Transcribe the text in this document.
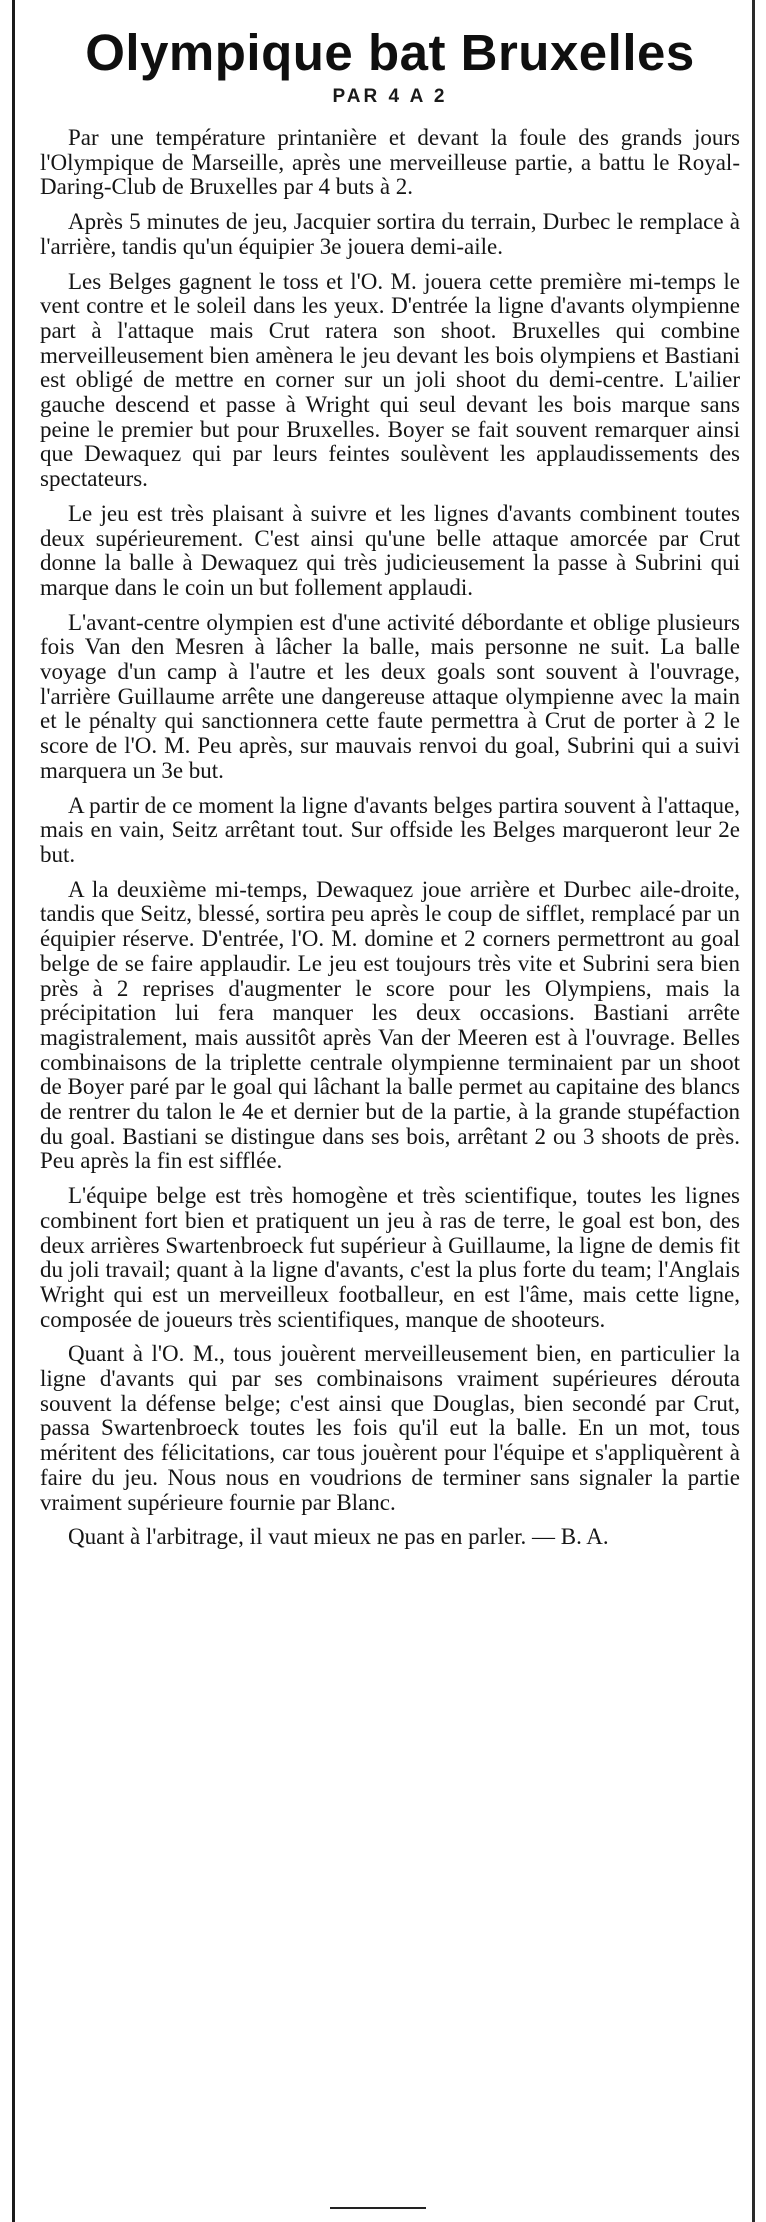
Olympique bat Bruxelles
PAR 4 A 2

Par une température printanière et devant la foule des grands jours l'Olympique de Marseille, après une merveilleuse partie, a battu le Royal-Daring-Club de Bruxelles par 4 buts à 2.

Après 5 minutes de jeu, Jacquier sortira du terrain, Durbec le remplace à l'arrière, tandis qu'un équipier 3e jouera demi-aile.

Les Belges gagnent le toss et l'O. M. jouera cette première mi-temps le vent contre et le soleil dans les yeux. D'entrée la ligne d'avants olympienne part à l'attaque mais Crut ratera son shoot. Bruxelles qui combine merveilleusement bien amènera le jeu devant les bois olympiens et Bastiani est obligé de mettre en corner sur un joli shoot du demi-centre. L'ailier gauche descend et passe à Wright qui seul devant les bois marque sans peine le premier but pour Bruxelles. Boyer se fait souvent remarquer ainsi que Dewaquez qui par leurs feintes soulèvent les applaudissements des spectateurs.

Le jeu est très plaisant à suivre et les lignes d'avants combinent toutes deux supérieurement. C'est ainsi qu'une belle attaque amorcée par Crut donne la balle à Dewaquez qui très judicieusement la passe à Subrini qui marque dans le coin un but follement applaudi.

L'avant-centre olympien est d'une activité débordante et oblige plusieurs fois Van den Mesren à lâcher la balle, mais personne ne suit. La balle voyage d'un camp à l'autre et les deux goals sont souvent à l'ouvrage, l'arrière Guillaume arrête une dangereuse attaque olympienne avec la main et le pénalty qui sanctionnera cette faute permettra à Crut de porter à 2 le score de l'O. M. Peu après, sur mauvais renvoi du goal, Subrini qui a suivi marquera un 3e but.

A partir de ce moment la ligne d'avants belges partira souvent à l'attaque, mais en vain, Seitz arrêtant tout. Sur offside les Belges marqueront leur 2e but.

A la deuxième mi-temps, Dewaquez joue arrière et Durbec aile-droite, tandis que Seitz, blessé, sortira peu après le coup de sifflet, remplacé par un équipier réserve. D'entrée, l'O. M. domine et 2 corners permettront au goal belge de se faire applaudir. Le jeu est toujours très vite et Subrini sera bien près à 2 reprises d'augmenter le score pour les Olympiens, mais la précipitation lui fera manquer les deux occasions. Bastiani arrête magistralement, mais aussitôt après Van der Meeren est à l'ouvrage. Belles combinaisons de la triplette centrale olympienne terminaient par un shoot de Boyer paré par le goal qui lâchant la balle permet au capitaine des blancs de rentrer du talon le 4e et dernier but de la partie, à la grande stupéfaction du goal. Bastiani se distingue dans ses bois, arrêtant 2 ou 3 shoots de près. Peu après la fin est sifflée.

L'équipe belge est très homogène et très scientifique, toutes les lignes combinent fort bien et pratiquent un jeu à ras de terre, le goal est bon, des deux arrières Swartenbroeck fut supérieur à Guillaume, la ligne de demis fit du joli travail; quant à la ligne d'avants, c'est la plus forte du team; l'Anglais Wright qui est un merveilleux footballeur, en est l'âme, mais cette ligne, composée de joueurs très scientifiques, manque de shooteurs.

Quant à l'O. M., tous jouèrent merveilleusement bien, en particulier la ligne d'avants qui par ses combinaisons vraiment supérieures dérouta souvent la défense belge; c'est ainsi que Douglas, bien secondé par Crut, passa Swartenbroeck toutes les fois qu'il eut la balle. En un mot, tous méritent des félicitations, car tous jouèrent pour l'équipe et s'appliquèrent à faire du jeu. Nous nous en voudrions de terminer sans signaler la partie vraiment supérieure fournie par Blanc.

Quant à l'arbitrage, il vaut mieux ne pas en parler. — B. A.
